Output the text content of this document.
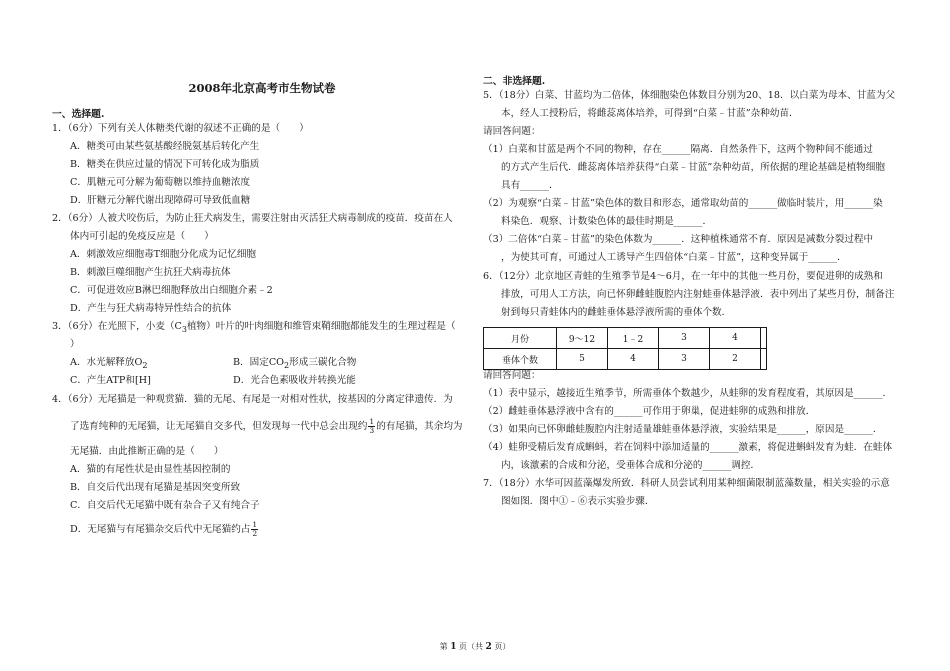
2008年北京高考市生物试卷
一、选择题.
1．（6分）下列有关人体糖类代谢的叙述不正确的是（　　）
A．糖类可由某些氨基酸经脱氨基后转化产生
B．糖类在供应过量的情况下可转化成为脂质
C．肌糖元可分解为葡萄糖以维持血糖浓度
D．肝糖元分解代谢出现障碍可导致低血糖
2．（6分）人被犬咬伤后，为防止狂犬病发生，需要注射由灭活狂犬病毒制成的疫苗．疫苗在人
体内可引起的免疫反应是（　　）
A．刺激效应细胞毒T细胞分化成为记忆细胞
B．刺激巨噬细胞产生抗狂犬病毒抗体
C．可促进效应B淋巴细胞释放出白细胞介素﹣2
D．产生与狂犬病毒特异性结合的抗体
3．（6分）在光照下，小麦（$C_3$植物）叶片的叶肉细胞和维管束鞘细胞都能发生的生理过程是（
）
A．水光解释放$O_2$	B．固定$CO_2$形成三碳化合物
C．产生ATP和[H]	D．光合色素吸收并转换光能
4．（6分）无尾猫是一种观赏猫．猫的无尾、有尾是一对相对性状，按基因的分离定律遗传．为
了选育纯种的无尾猫，让无尾猫自交多代，但发现每一代中总会出现约 $\frac{1}{3}$ 的有尾猫，其余均为
无尾猫．由此推断正确的是（　　）
A．猫的有尾性状是由显性基因控制的
B．自交后代出现有尾猫是基因突变所致
C．自交后代无尾猫中既有杂合子又有纯合子
D．无尾猫与有尾猫杂交后代中无尾猫约占 $\frac{1}{2}$
二、非选择题.
5．（18分）白菜、甘蓝均为二倍体，体细胞染色体数目分别为20、18．以白菜为母本、甘蓝为父
本，经人工授粉后，将雌蕊离体培养，可得到“白菜﹣甘蓝”杂种幼苗．
请回答问题：
（1）白菜和甘蓝是两个不同的物种，存在______隔离．自然条件下，这两个物种间不能通过
的方式产生后代．雌蕊离体培养获得“白菜﹣甘蓝”杂种幼苗，所依据的理论基础是植物细胞
具有______．
（2）为观察“白菜﹣甘蓝”染色体的数目和形态，通常取幼苗的______做临时装片，用______染
料染色．观察、计数染色体的最佳时期是______．
（3）二倍体“白菜﹣甘蓝”的染色体数为______．这种植株通常不育．原因是减数分裂过程中
，为使其可育，可通过人工诱导产生四倍体“白菜﹣甘蓝”，这种变异属于______.
6．（12分）北京地区青蛙的生殖季节是4～6月，在一年中的其他一些月份，要促进卵的成熟和
排放，可用人工方法，向已怀卵雌蛙腹腔内注射蛙垂体悬浮液．表中列出了某些月份，制备注
射到每只青蛙体内的雌蛙垂体悬浮液所需的垂体个数．
月份	9～12	1﹣2	3	4	
垂体个数	5	4	3	2	
请回答问题：
（1）表中显示，越接近生殖季节，所需垂体个数越少，从蛙卵的发育程度看，其原因是______．
（2）雌蛙垂体悬浮液中含有的______可作用于卵巢，促进蛙卵的成熟和排放．
（3）如果向已怀卵雌蛙腹腔内注射适量雄蛙垂体悬浮液，实验结果是______，原因是______．
（4）蛙卵受精后发育成蝌蚪，若在饲料中添加适量的______激素，将促进蝌蚪发育为蛙．在蛙体
内，该激素的合成和分泌，受垂体合成和分泌的______调控．
7．（18分）水华可因蓝藻爆发所致．科研人员尝试利用某种细菌限制蓝藻数量，相关实验的示意
图如图．图中①﹣⑥表示实验步骤．
第 1 页（共 2 页）
